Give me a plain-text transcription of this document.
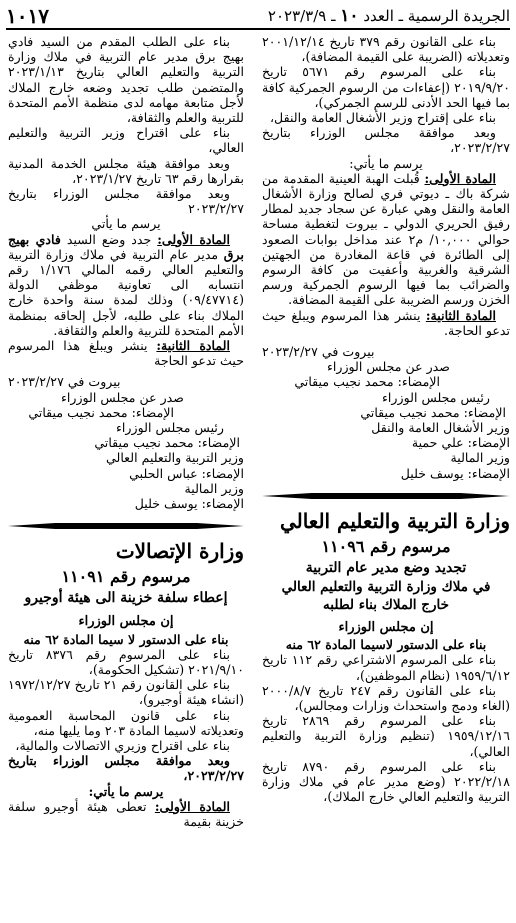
الجريدة الرسمية ـ العدد ١٠ ـ ٢٠٢٣/٣/٩
١٠١٧

بناء على القانون رقم ٣٧٩ تاريخ ٢٠٠١/١٢/١٤ وتعديلاته (الضريبة على القيمة المضافة)،

بناء على المرسوم رقم ٥٦٧١ تاريخ ٢٠١٩/٩/٢٠ (إعفاءات من الرسوم الجمركية كافة بما فيها الحد الأدنى للرسم الجمركي)،

بناء على إقتراح وزير الأشغال العامة والنقل،

وبعد موافقة مجلس الوزراء بتاريخ ٢٠٢٣/٢/٢٧،

يرسم ما يأتي:

المادة الأولى: قُبلت الهبة العينية المقدمة من شركة باك ـ ديوتي فري لصالح وزارة الأشغال العامة والنقل وهي عبارة عن سجاد جديد لمطار رفيق الحريري الدولي ـ بيروت لتغطية مساحة حوالي ١٠,٠٠٠/ م٢ عند مداخل بوابات الصعود إلى الطائرة في قاعة المغادرة من الجهتين الشرقية والغربية وأعفيت من كافة الرسوم والضرائب بما فيها الرسوم الجمركية ورسم الخزن ورسم الضريبة على القيمة المضافة.

المادة الثانية: ينشر هذا المرسوم ويبلغ حيث تدعو الحاجة.

بيروت في ٢٠٢٣/٢/٢٧

صدر عن مجلس الوزراء
الإمضاء: محمد نجيب ميقاتي
رئيس مجلس الوزراء
الإمضاء: محمد نجيب ميقاتي
وزير الأشغال العامة والنقل
الإمضاء: علي حمية
وزير المالية
الإمضاء: يوسف خليل
وزارة التربية والتعليم العالي
مرسوم رقم ١١٠٩٦
تجديد وضع مدير عام التربية
في ملاك وزارة التربية والتعليم العالي
خارج الملاك بناء لطلبه
إن مجلس الوزراء

بناء على الدستور لاسيما المادة ٦٢ منه

بناء على المرسوم الاشتراعي رقم ١١٢ تاريخ ١٩٥٩/٦/١٢ (نظام الموظفين)،

بناء على القانون رقم ٢٤٧ تاريخ ٢٠٠٠/٨/٧ (الغاء ودمج واستحداث وزارات ومجالس)،

بناء على المرسوم رقم ٢٨٦٩ تاريخ ١٩٥٩/١٢/١٦ (تنظيم وزارة التربية والتعليم العالي)،

بناء على المرسوم رقم ٨٧٩٠ تاريخ ٢٠٢٢/٢/١٨ (وضع مدير عام في ملاك وزارة التربية والتعليم العالي خارج الملاك)،

بناء على الطلب المقدم من السيد فادي بهيج برق مدير عام التربية في ملاك وزارة التربية والتعليم العالي بتاريخ ٢٠٢٣/١/١٣ والمتضمن طلب تجديد وضعه خارج الملاك لأجل متابعة مهامه لدى منظمة الأمم المتحدة للتربية والعلم والثقافة،

بناء على اقتراح وزير التربية والتعليم العالي،

وبعد موافقة هيئة مجلس الخدمة المدنية بقرارها رقم ٦٣ تاريخ ٢٠٢٣/١/٢٧،

وبعد موافقة مجلس الوزراء بتاريخ ٢٠٢٣/٢/٢٧

يرسم ما يأتي

المادة الأولى: جدد وضع السيد فادي بهيج برق مدير عام التربية في ملاك وزارة التربية والتعليم العالي رقمه المالي ١/١٧٦ رقم انتسابه الى تعاونية موظفي الدولة (٠٩/٤٧٧١٤) وذلك لمدة سنة واحدة خارج الملاك بناء على طلبه، لأجل إلحاقه بمنظمة الأمم المتحدة للتربية والعلم والثقافة.

المادة الثانية: ينشر ويبلغ هذا المرسوم حيث تدعو الحاجة

بيروت في ٢٠٢٣/٢/٢٧

صدر عن مجلس الوزراء
الإمضاء: محمد نجيب ميقاتي
رئيس مجلس الوزراء
الإمضاء: محمد نجيب ميقاتي
وزير التربية والتعليم العالي
الإمضاء: عباس الحلبي
وزير المالية
الإمضاء: يوسف خليل
وزارة الإتصالات
مرسوم رقم ١١٠٩١
إعطاء سلفة خزينة الى هيئة أوجيرو
إن مجلس الوزراء

بناء على الدستور لا سيما المادة ٦٢ منه

بناء على المرسوم رقم ٨٣٧٦ تاريخ ٢٠٢١/٩/١٠ (تشكيل الحكومة)،

بناء على القانون رقم ٢١ تاريخ ١٩٧٢/١٢/٢٧ (انشاء هيئة أوجيرو)،

بناء على قانون المحاسبة العمومية وتعديلاته لاسيما المادة ٢٠٣ وما يليها منه،

بناء على اقتراح وزيري الاتصالات والمالية،

وبعد موافقة مجلس الوزراء بتاريخ ٢٠٢٣/٢/٢٧،

يرسم ما يأتي:

المادة الأولى: تعطى هيئة أوجيرو سلفة خزينة بقيمة
